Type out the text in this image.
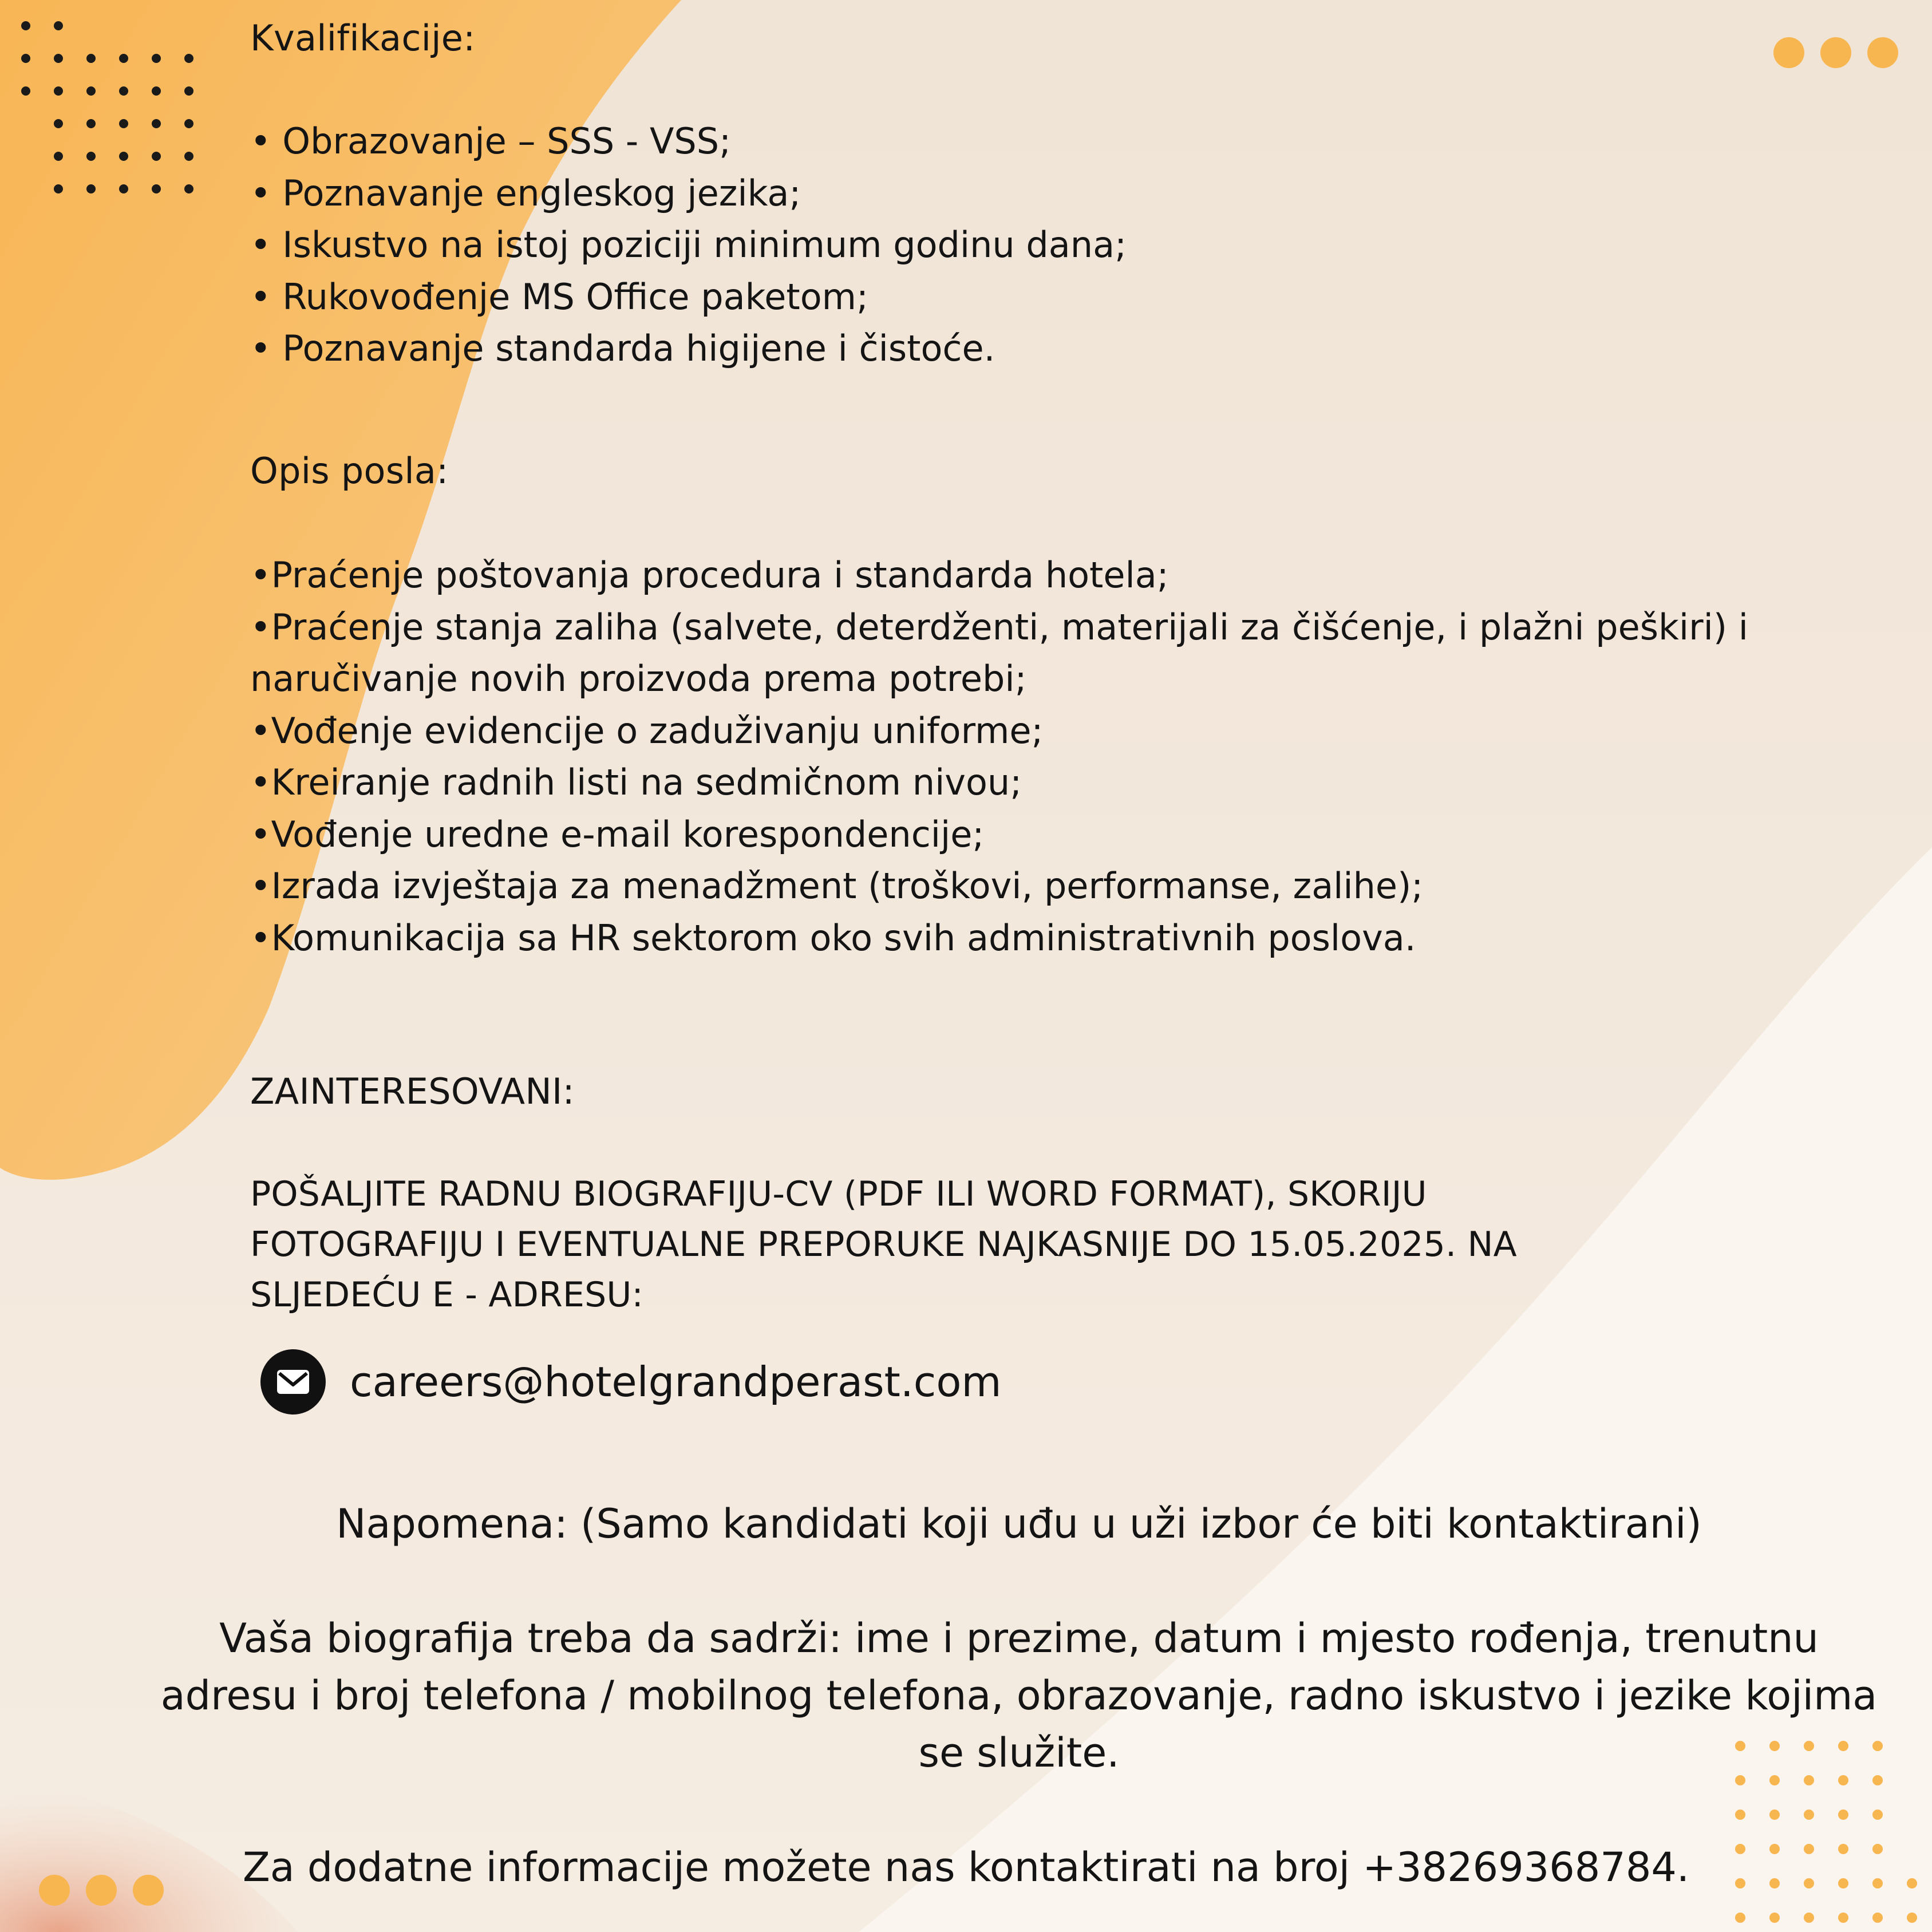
Kvalifikacije:
• Obrazovanje – SSS - VSS;
• Poznavanje engleskog jezika;
• Iskustvo na istoj poziciji minimum godinu dana;
• Rukovođenje MS Office paketom;
• Poznavanje standarda higijene i čistoće.
Opis posla:
•Praćenje poštovanja procedura i standarda hotela;
•Praćenje stanja zaliha (salvete, deterdženti, materijali za čišćenje, i plažni peškiri) i naručivanje novih proizvoda prema potrebi;
•Vođenje evidencije o zaduživanju uniforme;
•Kreiranje radnih listi na sedmičnom nivou;
•Vođenje uredne e-mail korespondencije;
•Izrada izvještaja za menadžment (troškovi, performanse, zalihe);
•Komunikacija sa HR sektorom oko svih administrativnih poslova.
ZAINTERESOVANI:

POŠALJITE RADNU BIOGRAFIJU-CV (PDF ILI WORD FORMAT), SKORIJU
FOTOGRAFIJU I EVENTUALNE PREPORUKE NAJKASNIJE DO 15.05.2025. NA
SLJEDEĆU E - ADRESU:

careers@hotelgrandperast.com

Napomena: (Samo kandidati koji uđu u uži izbor će biti kontaktirani)

Vaša biografija treba da sadrži: ime i prezime, datum i mjesto rođenja, trenutnu
adresu i broj telefona / mobilnog telefona, obrazovanje, radno iskustvo i jezike kojima
se služite.

Za dodatne informacije možete nas kontaktirati na broj +38269368784.
